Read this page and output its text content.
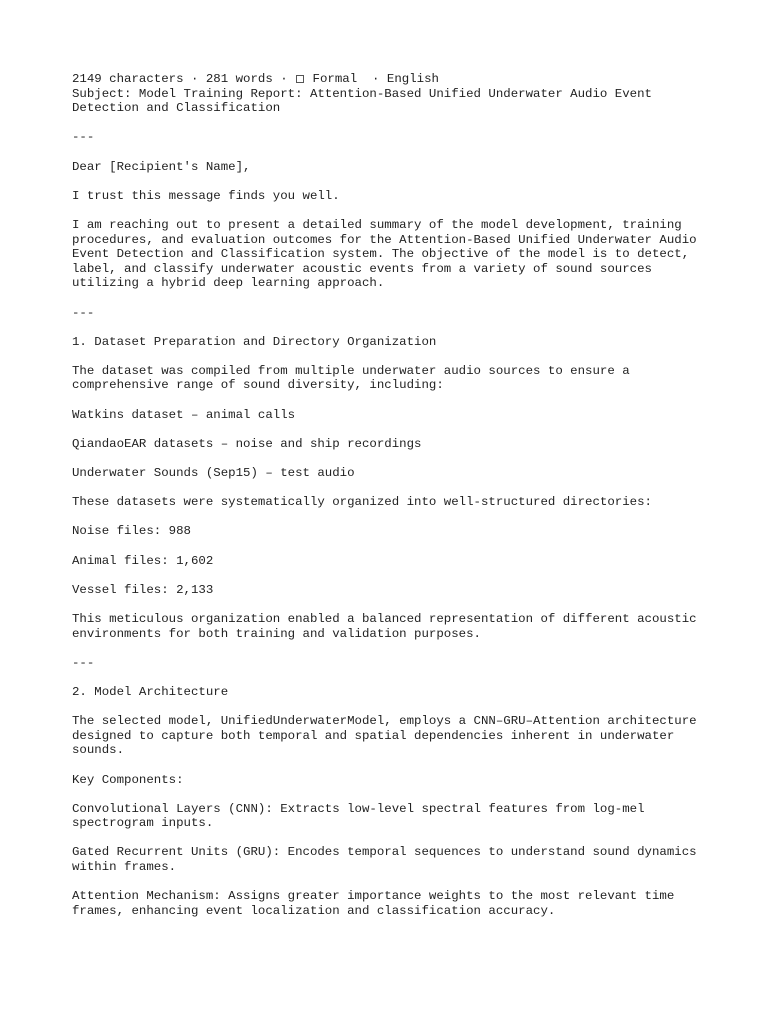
2149 characters · 281 words · Formal · English

Subject: Model Training Report: Attention-Based Unified Underwater Audio Event Detection and Classification

---

Dear [Recipient's Name],

I trust this message finds you well.

I am reaching out to present a detailed summary of the model development, training procedures, and evaluation outcomes for the Attention-Based Unified Underwater Audio Event Detection and Classification system. The objective of the model is to detect, label, and classify underwater acoustic events from a variety of sound sources utilizing a hybrid deep learning approach.

---

1. Dataset Preparation and Directory Organization

The dataset was compiled from multiple underwater audio sources to ensure a comprehensive range of sound diversity, including:

Watkins dataset – animal calls

QiandaoEAR datasets – noise and ship recordings

Underwater Sounds (Sep15) – test audio

These datasets were systematically organized into well-structured directories:

Noise files: 988

Animal files: 1,602

Vessel files: 2,133

This meticulous organization enabled a balanced representation of different acoustic environments for both training and validation purposes.

---

2. Model Architecture

The selected model, UnifiedUnderwaterModel, employs a CNN–GRU–Attention architecture designed to capture both temporal and spatial dependencies inherent in underwater sounds.

Key Components:

Convolutional Layers (CNN): Extracts low-level spectral features from log-mel spectrogram inputs.

Gated Recurrent Units (GRU): Encodes temporal sequences to understand sound dynamics within frames.

Attention Mechanism: Assigns greater importance weights to the most relevant time frames, enhancing event localization and classification accuracy.
